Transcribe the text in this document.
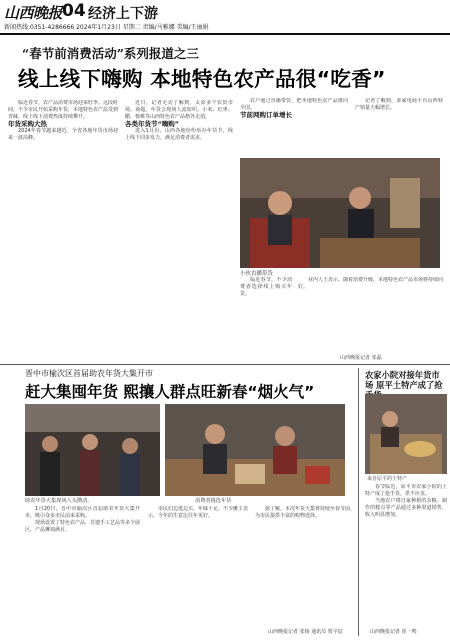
山西晚报 04 经济上下游
新闻热线:0351-4286666 2024年1月23日 星期二 责编/马雅娜 美编/王丽娟
“春节前消费活动”系列报道之三
线上线下嗨购 本地特色农产品很“吃香”

临近春节，农产品消费市场迎来旺季。这段时间，不少市民开始采购年货，本地特色农产品受到青睐，线上线下消费热度持续攀升。

年货采购大热

2024年春节越来越近，全省各地年货市场迎来一波高峰。

近日，记者走访了解到，太原多个农贸市场、商超、年货会现场人流如织，小米、红枣、醋、核桃等山西特色农产品格外走俏。

各类年货节“嗨购”

进入1月份，山西各地纷纷举办年货节，线上线下同步发力，满足消费者需求。

农户通过直播带货，把本地特色农产品推向全国。

节前网购订单增长

记者了解到，多家电商平台山西特产销量大幅增长。

小伙直播带货

临近春节，不少消费者选择线上购买年货。

业内人士表示，随着消费升级，本地特色农产品市场将持续向好。

山西晚报记者 张磊
晋中市榆次区首届助农年货大集开市
赶大集囤年货 熙攘人群点旺新春“烟火气”
助农年货大集现场人头攒动。	消费者挑选年货

1月20日，晋中市榆次区首届助农年货大集开市，吸引众多市民前来采购。

现场设置了特色农产品、非遗手工艺品等多个展区，产品琳琅满目。

市民们边逛边买，年味十足。不少摊主表示，今年的生意比往年更好。

据了解，本次年货大集将持续至春节前，为市民提供丰富的购物选择。

山西晚报记者 张杨 通讯员 贾宇辰
农家小院对接年货市场 原平土特产成了抢
来自原平的土特产

春节临近，原平市农家小院的土特产成了抢手货，供不应求。

当地农户将自家种植的杂粮、制作的糕点等产品通过多种渠道销售，收入明显增加。

山西晚报记者 崔一鸣
